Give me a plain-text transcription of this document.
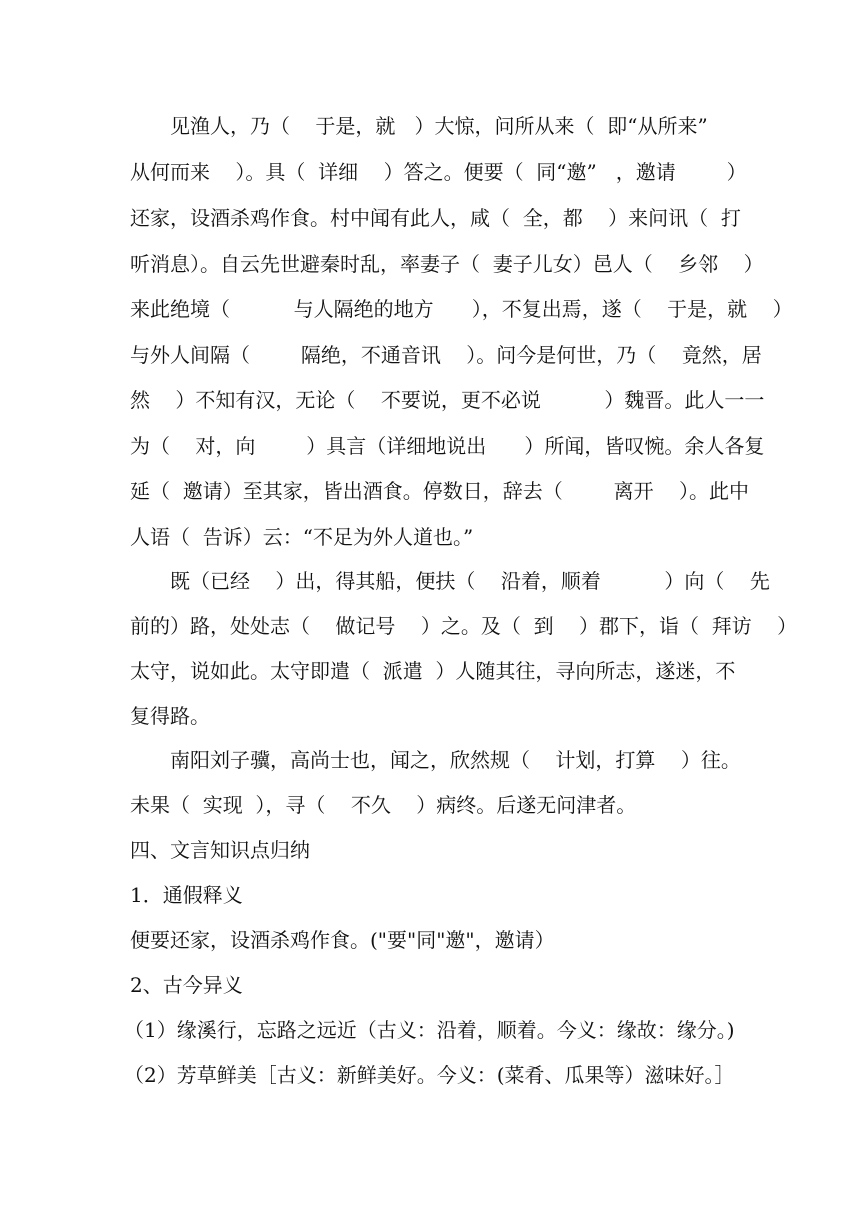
见渔人，乃（    于是，就   ）大惊，问所从来（  即“从所来”
从何而来    ）。具（  详细    ）答之。便要（  同“邀”   ，邀请        ）
还家，设酒杀鸡作食。村中闻有此人，咸（  全，都    ）来问讯（  打
听消息）。自云先世避秦时乱，率妻子（  妻子儿女）邑人（    乡邻    ）
来此绝境（          与人隔绝的地方      ），不复出焉，遂（    于是，就    ）
与外人间隔（        隔绝，不通音讯    ）。问今是何世，乃（    竟然，居
然    ）不知有汉，无论（    不要说，更不必说          ）魏晋。此人一一
为（    对，向        ）具言（详细地说出      ）所闻，皆叹惋。余人各复
延（  邀请）至其家，皆出酒食。停数日，辞去（        离开    ）。此中
人语（  告诉）云：“不足为外人道也。”
既（已经    ）出，得其船，便扶（    沿着，顺着          ）向（    先
前的）路，处处志（    做记号    ）之。及（  到    ）郡下，诣（  拜访    ）
太守，说如此。太守即遣（  派遣  ）人随其往，寻向所志，遂迷，不
复得路。
南阳刘子骥，高尚士也，闻之，欣然规（    计划，打算    ）往。
未果（  实现  ），寻（    不久    ）病终。后遂无问津者。
四、文言知识点归纳
1．通假释义
便要还家，设酒杀鸡作食。("要"同"邀"，邀请）
2、古今异义
（1）缘溪行，忘路之远近（古义：沿着，顺着。今义：缘故：缘分。)
（2）芳草鲜美［古义：新鲜美好。今义：(菜肴、瓜果等）滋味好。］
